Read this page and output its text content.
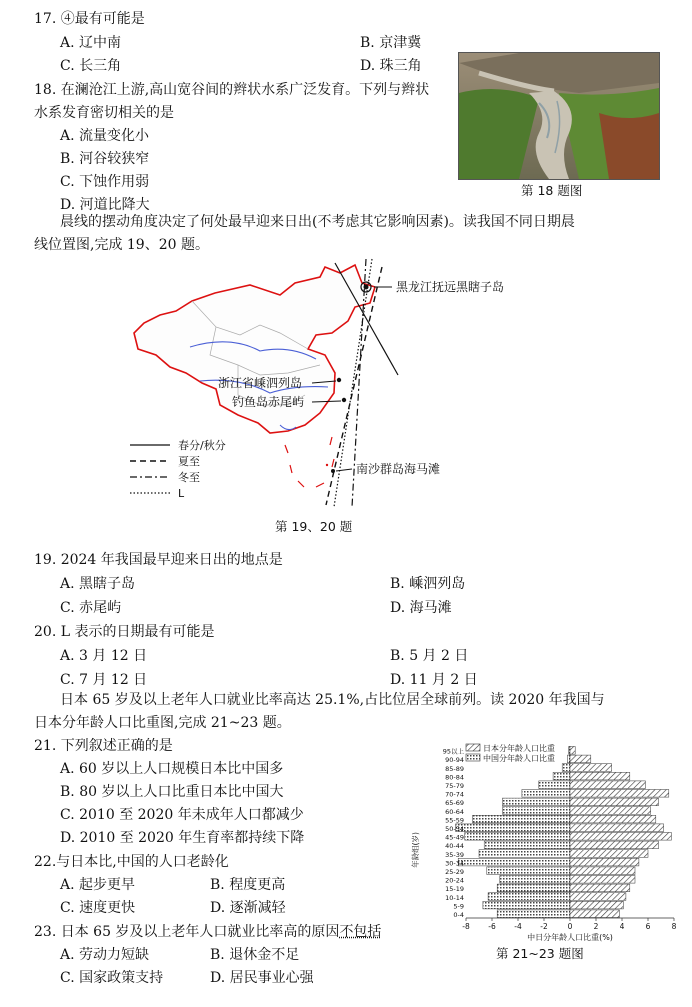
17. ④最有可能是
A. 辽中南	B. 京津冀
C. 长三角	D. 珠三角
18. 在澜沧江上游,高山宽谷间的辫状水系广泛发育。下列与辫状
水系发育密切相关的是
A. 流量变化小
B. 河谷较狭窄
C. 下蚀作用弱
D. 河道比降大
第 18 题图
晨线的摆动角度决定了何处最早迎来日出(不考虑其它影响因素)。读我国不同日期晨
线位置图,完成 19、20 题。
黑龙江抚远黑瞎子岛
浙江省嵊泗列岛
钓鱼岛赤尾屿
南沙群岛海马滩
春分/秋分
夏至
冬至
L
第 19、20 题
19. 2024 年我国最早迎来日出的地点是
A. 黑瞎子岛	B. 嵊泗列岛
C. 赤尾屿	D. 海马滩
20. L 表示的日期最有可能是
A. 3 月 12 日	B. 5 月 2 日
C. 7 月 12 日	D. 11 月 2 日
日本 65 岁及以上老年人口就业比率高达 25.1%,占比位居全球前列。读 2020 年我国与
日本分年龄人口比重图,完成 21~23 题。
21. 下列叙述正确的是
A. 60 岁以上人口规模日本比中国多
B. 80 岁以上人口比重日本比中国大
C. 2010 至 2020 年未成年人口都减少
D. 2010 至 2020 年生育率都持续下降
22.与日本比,中国的人口老龄化
A. 起步更早	B. 程度更高
C. 速度更快	D. 逐渐减轻
23. 日本 65 岁及以上老年人口就业比率高的原因不包括
A. 劳动力短缺	B. 退休金不足
C. 国家政策支持	D. 居民事业心强
-8 -6 -4 -2	0	2	4	6	8
0-4
5-9
10-14
15-19
20-24
25-29
30-34
35-39
40-44
45-49
50-54
55-59
60-64
65-69
70-74
75-79
80-84
85-89
90-94
95以上 日本分年龄人口比重
中国分年龄人口比重
年龄组(岁)
中日分年龄人口比重(%)
第 21~23 题图
